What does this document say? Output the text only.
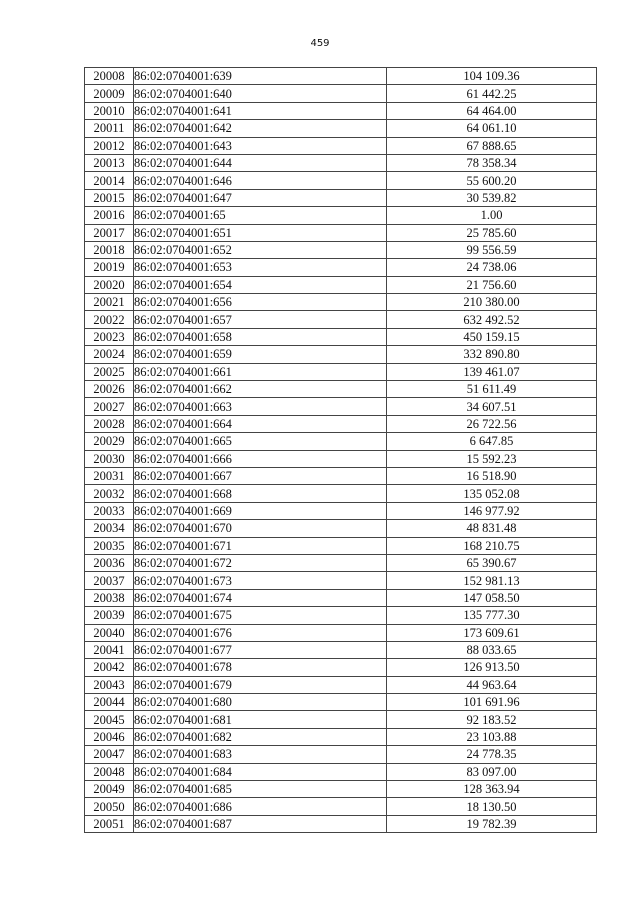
459
20008	86:02:0704001:639	104 109.36
20009	86:02:0704001:640	61 442.25
20010	86:02:0704001:641	64 464.00
20011	86:02:0704001:642	64 061.10
20012	86:02:0704001:643	67 888.65
20013	86:02:0704001:644	78 358.34
20014	86:02:0704001:646	55 600.20
20015	86:02:0704001:647	30 539.82
20016	86:02:0704001:65	1.00
20017	86:02:0704001:651	25 785.60
20018	86:02:0704001:652	99 556.59
20019	86:02:0704001:653	24 738.06
20020	86:02:0704001:654	21 756.60
20021	86:02:0704001:656	210 380.00
20022	86:02:0704001:657	632 492.52
20023	86:02:0704001:658	450 159.15
20024	86:02:0704001:659	332 890.80
20025	86:02:0704001:661	139 461.07
20026	86:02:0704001:662	51 611.49
20027	86:02:0704001:663	34 607.51
20028	86:02:0704001:664	26 722.56
20029	86:02:0704001:665	6 647.85
20030	86:02:0704001:666	15 592.23
20031	86:02:0704001:667	16 518.90
20032	86:02:0704001:668	135 052.08
20033	86:02:0704001:669	146 977.92
20034	86:02:0704001:670	48 831.48
20035	86:02:0704001:671	168 210.75
20036	86:02:0704001:672	65 390.67
20037	86:02:0704001:673	152 981.13
20038	86:02:0704001:674	147 058.50
20039	86:02:0704001:675	135 777.30
20040	86:02:0704001:676	173 609.61
20041	86:02:0704001:677	88 033.65
20042	86:02:0704001:678	126 913.50
20043	86:02:0704001:679	44 963.64
20044	86:02:0704001:680	101 691.96
20045	86:02:0704001:681	92 183.52
20046	86:02:0704001:682	23 103.88
20047	86:02:0704001:683	24 778.35
20048	86:02:0704001:684	83 097.00
20049	86:02:0704001:685	128 363.94
20050	86:02:0704001:686	18 130.50
20051	86:02:0704001:687	19 782.39
